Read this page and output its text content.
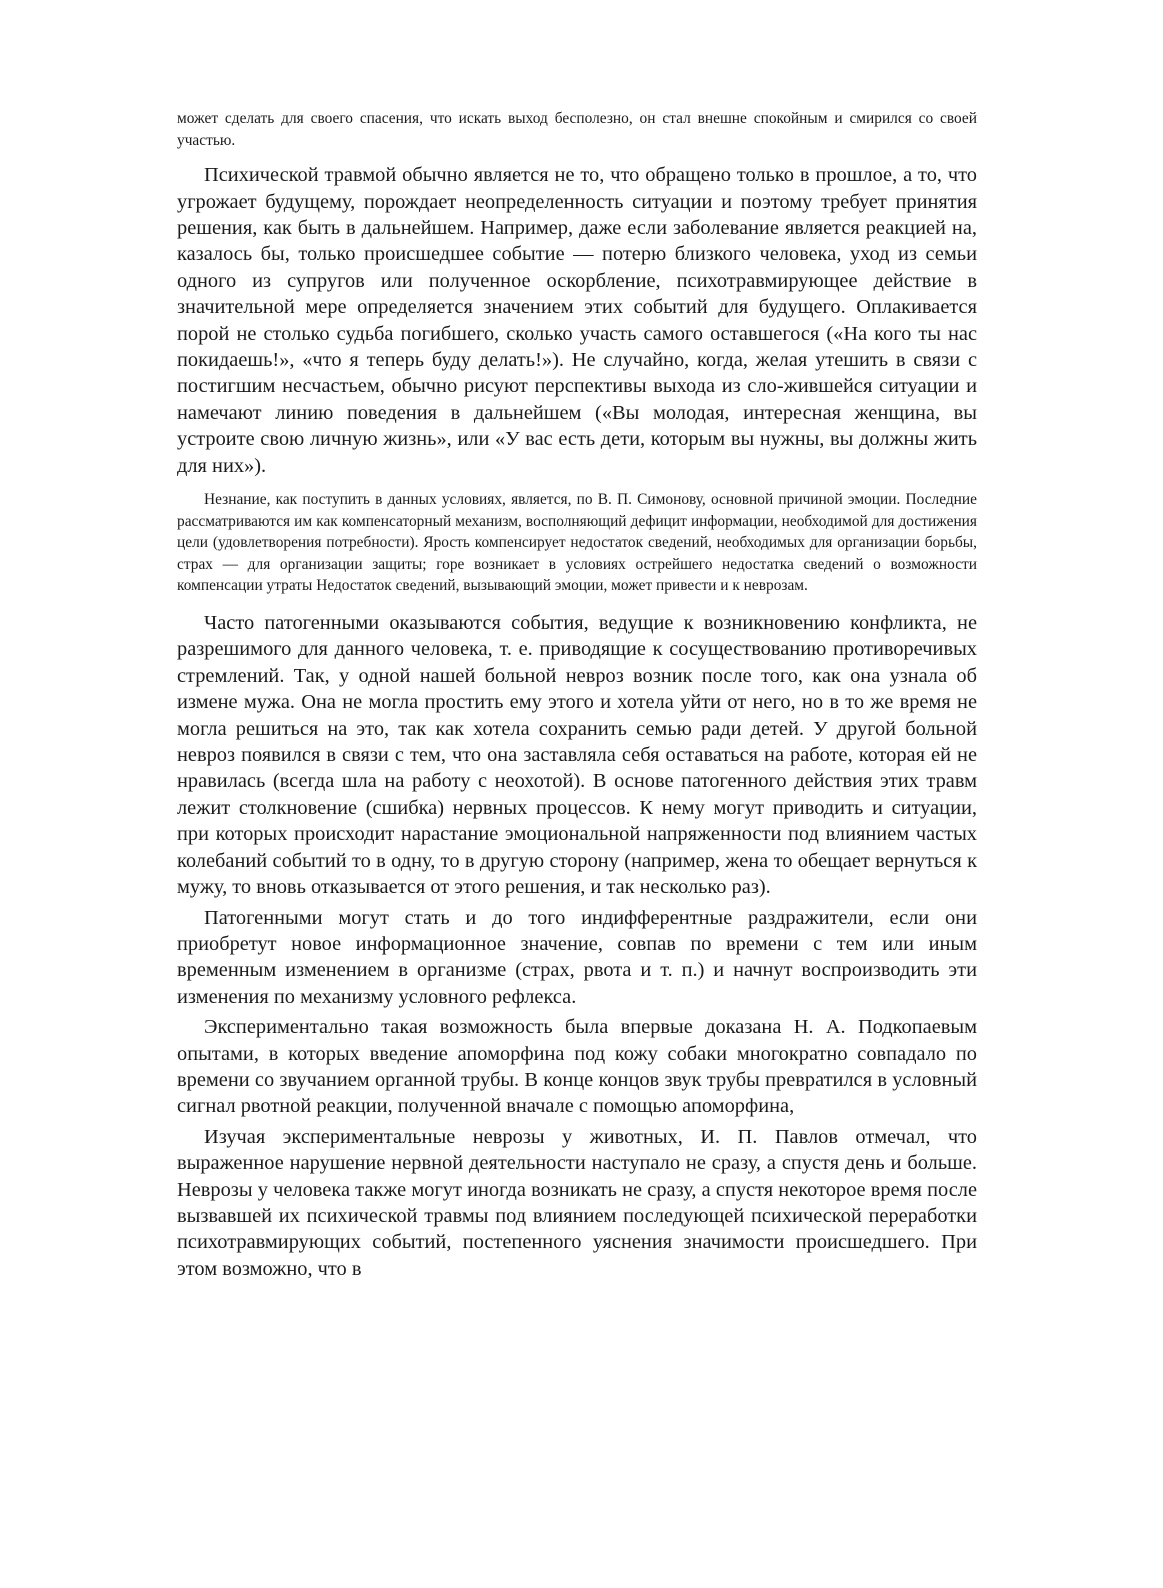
может сделать для своего спасения, что искать выход бесполезно, он стал внешне спокойным и смирился со своей участью.

Психической травмой обычно является не то, что обращено только в прошлое, а то, что угрожает будущему, порождает неопределенность ситуации и поэтому требует принятия решения, как быть в дальнейшем. Например, даже если заболевание является реакцией на, казалось бы, только происшедшее событие — потерю близкого человека, уход из семьи одного из супругов или полученное оскорбление, психотравмирующее действие в значительной мере определяется значением этих событий для будущего. Оплакивается порой не столько судьба погибшего, сколько участь самого оставшегося («На кого ты нас покидаешь!», «что я теперь буду делать!»). Не случайно, когда, желая утешить в связи с постигшим несчастьем, обычно рисуют перспективы выхода из сло-жившейся ситуации и намечают линию поведения в дальнейшем («Вы молодая, интересная женщина, вы устроите свою личную жизнь», или «У вас есть дети, которым вы нужны, вы должны жить для них»).

Незнание, как поступить в данных условиях, является, по В. П. Симонову, основной причиной эмоции. Последние рассматриваются им как компенсаторный механизм, восполняющий дефицит информации, необходимой для достижения цели (удовлетворения потребности). Ярость компенсирует недостаток сведений, необходимых для организации борьбы, страх — для организации защиты; горе возникает в условиях острейшего недостатка сведений о возможности компенсации утраты Недостаток сведений, вызывающий эмоции, может привести и к неврозам.

Часто патогенными оказываются события, ведущие к возникновению конфликта, не разрешимого для данного человека, т. е. приводящие к сосуществованию противоречивых стремлений. Так, у одной нашей больной невроз возник после того, как она узнала об измене мужа. Она не могла простить ему этого и хотела уйти от него, но в то же время не могла решиться на это, так как хотела сохранить семью ради детей. У другой больной невроз появился в связи с тем, что она заставляла себя оставаться на работе, которая ей не нравилась (всегда шла на работу с неохотой). В основе патогенного действия этих травм лежит столкновение (сшибка) нервных процессов. К нему могут приводить и ситуации, при которых происходит нарастание эмоциональной напряженности под влиянием частых колебаний событий то в одну, то в другую сторону (например, жена то обещает вернуться к мужу, то вновь отказывается от этого решения, и так несколько раз).

Патогенными могут стать и до того индифферентные раздражители, если они приобретут новое информационное значение, совпав по времени с тем или иным временным изменением в организме (страх, рвота и т. п.) и начнут воспроизводить эти изменения по механизму условного рефлекса.

Экспериментально такая возможность была впервые доказана Н. А. Подкопаевым опытами, в которых введение апоморфина под кожу собаки многократно совпадало по времени со звучанием органной трубы. В конце концов звук трубы превратился в условный сигнал рвотной реакции, полученной вначале с помощью апоморфина,

Изучая экспериментальные неврозы у животных, И. П. Павлов отмечал, что выраженное нарушение нервной деятельности наступало не сразу, а спустя день и больше. Неврозы у человека также могут иногда возникать не сразу, а спустя некоторое время после вызвавшей их психической травмы под влиянием последующей психической переработки психотравмирующих событий, постепенного уяснения значимости происшедшего. При этом возможно, что в
